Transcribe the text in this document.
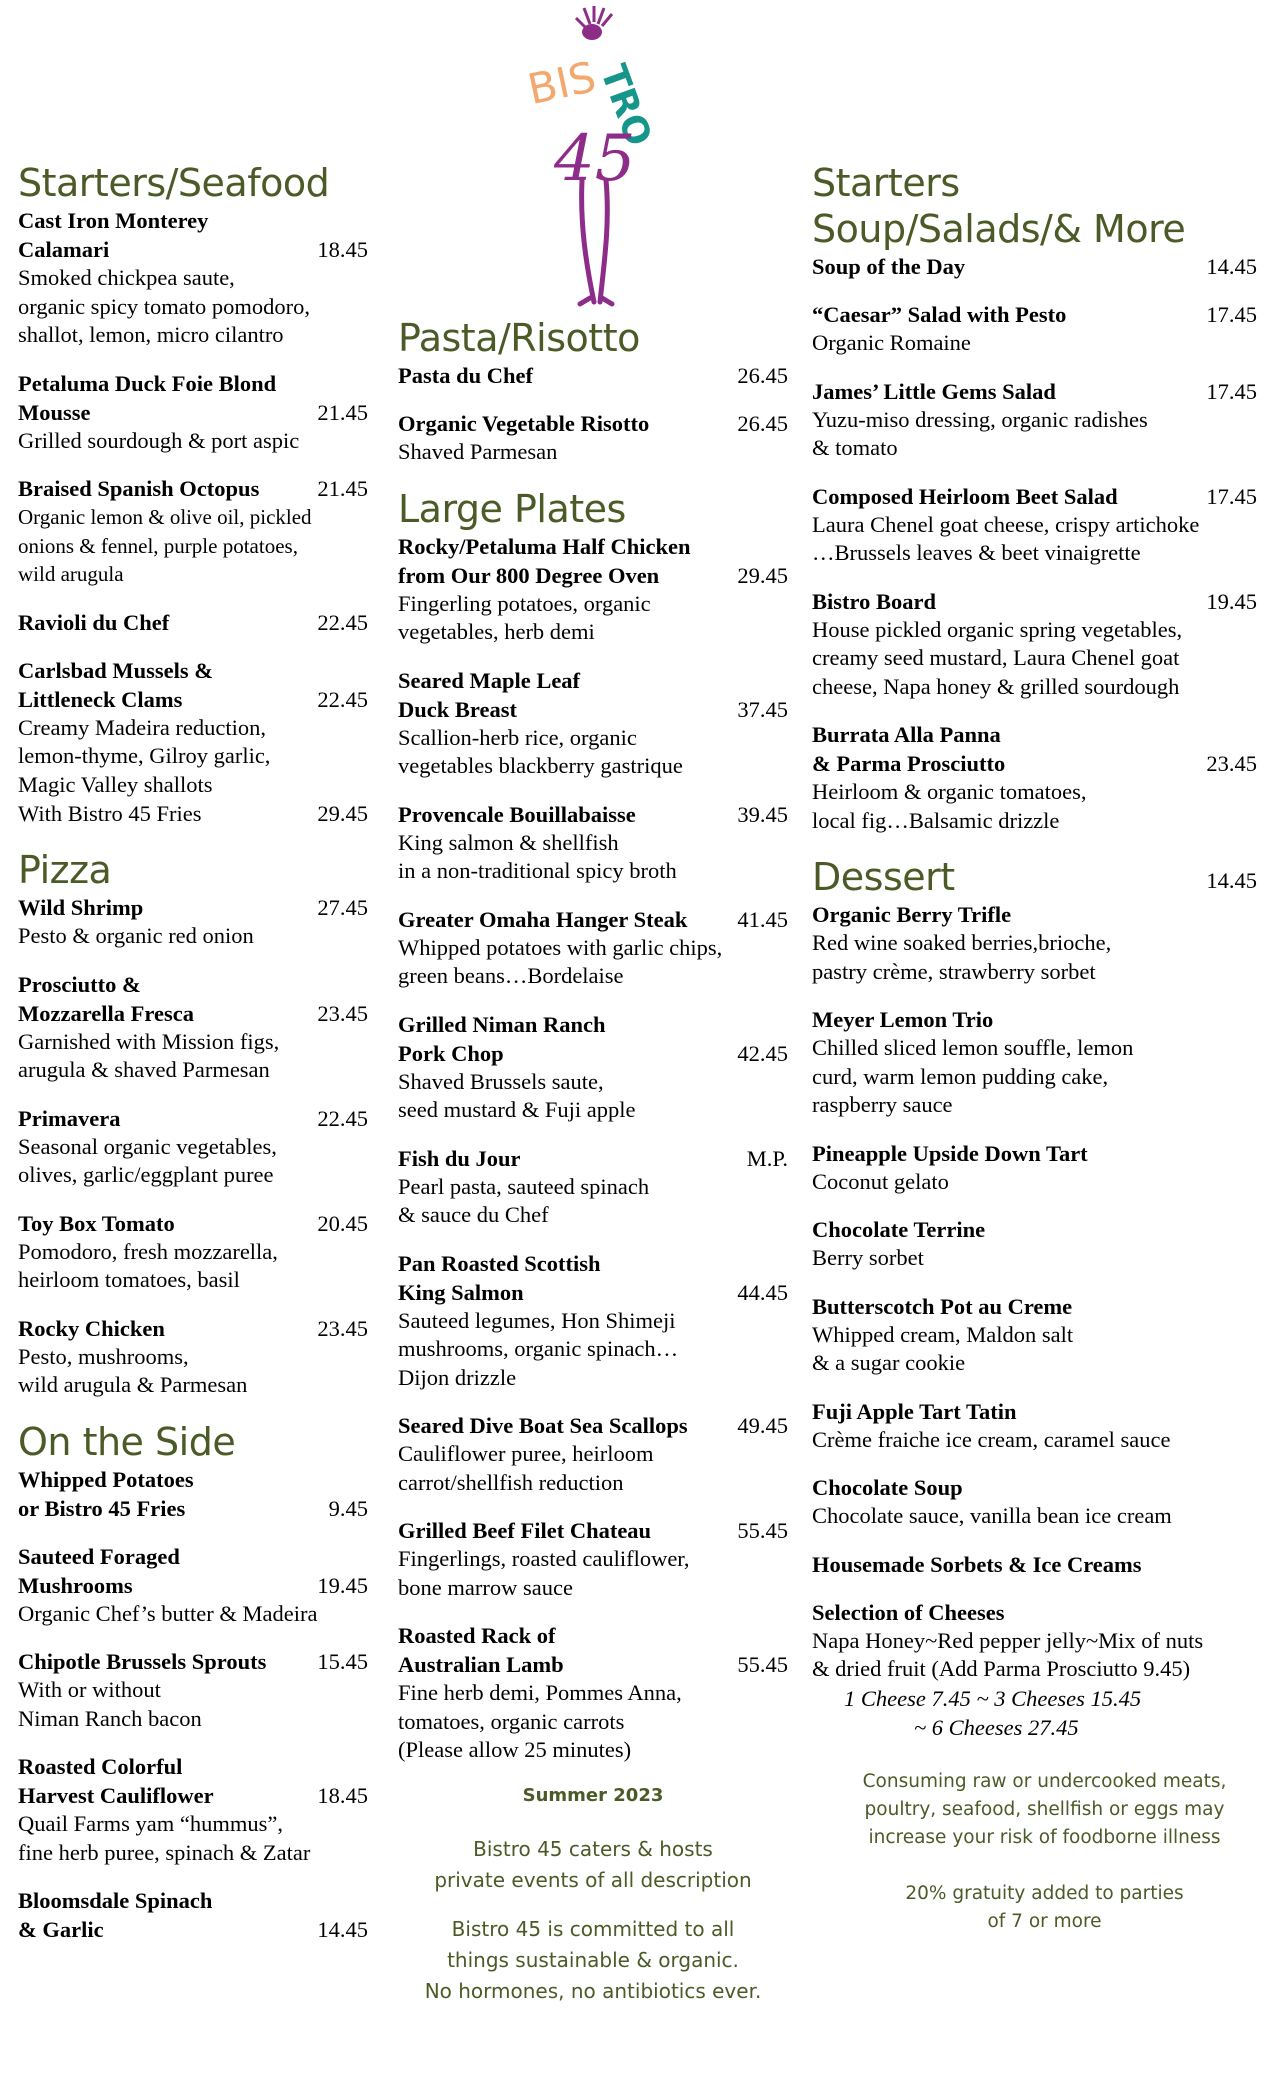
BIS
TRO
45
Starters/Seafood
Cast Iron Monterey
Calamari	18.45
Smoked chickpea saute,
organic spicy tomato pomodoro,
shallot, lemon, micro cilantro
Petaluma Duck Foie Blond
Mousse	21.45
Grilled sourdough & port aspic
Braised Spanish Octopus	21.45
Organic lemon & olive oil, pickled
onions & fennel, purple potatoes,
wild arugula
Ravioli du Chef	22.45
Carlsbad Mussels &
Littleneck Clams	22.45
Creamy Madeira reduction,
lemon-thyme, Gilroy garlic,
Magic Valley shallots
With Bistro 45 Fries	29.45
Pizza
Wild Shrimp	27.45
Pesto & organic red onion
Prosciutto &
Mozzarella Fresca	23.45
Garnished with Mission figs,
arugula & shaved Parmesan
Primavera	22.45
Seasonal organic vegetables,
olives, garlic/eggplant puree
Toy Box Tomato	20.45
Pomodoro, fresh mozzarella,
heirloom tomatoes, basil
Rocky Chicken	23.45
Pesto, mushrooms,
wild arugula & Parmesan
On the Side
Whipped Potatoes
or Bistro 45 Fries	9.45
Sauteed Foraged
Mushrooms	19.45
Organic Chef’s butter & Madeira
Chipotle Brussels Sprouts	15.45
With or without
Niman Ranch bacon
Roasted Colorful
Harvest Cauliflower	18.45
Quail Farms yam “hummus”,
fine herb puree, spinach & Zatar
Bloomsdale Spinach
& Garlic	14.45
Pasta/Risotto
Pasta du Chef	26.45
Organic Vegetable Risotto	26.45
Shaved Parmesan
Large Plates
Rocky/Petaluma Half Chicken
from Our 800 Degree Oven	29.45
Fingerling potatoes, organic
vegetables, herb demi
Seared Maple Leaf
Duck Breast	37.45
Scallion-herb rice, organic
vegetables blackberry gastrique
Provencale Bouillabaisse	39.45
King salmon & shellfish
in a non-traditional spicy broth
Greater Omaha Hanger Steak	41.45
Whipped potatoes with garlic chips,
green beans…Bordelaise
Grilled Niman Ranch
Pork Chop	42.45
Shaved Brussels saute,
seed mustard & Fuji apple
Fish du Jour	M.P.
Pearl pasta, sauteed spinach
& sauce du Chef
Pan Roasted Scottish
King Salmon	44.45
Sauteed legumes, Hon Shimeji
mushrooms, organic spinach…
Dijon drizzle
Seared Dive Boat Sea Scallops	49.45
Cauliflower puree, heirloom
carrot/shellfish reduction
Grilled Beef Filet Chateau	55.45
Fingerlings, roasted cauliflower,
bone marrow sauce
Roasted Rack of
Australian Lamb	55.45
Fine herb demi, Pommes Anna,
tomatoes, organic carrots
(Please allow 25 minutes)
Summer 2023
Bistro 45 caters & hosts
private events of all description
Bistro 45 is committed to all
things sustainable & organic.
No hormones, no antibiotics ever.
Starters
Soup/Salads/& More
Soup of the Day	14.45
“Caesar” Salad with Pesto	17.45
Organic Romaine
James’ Little Gems Salad	17.45
Yuzu-miso dressing, organic radishes
& tomato
Composed Heirloom Beet Salad	17.45
Laura Chenel goat cheese, crispy artichoke
…Brussels leaves & beet vinaigrette
Bistro Board	19.45
House pickled organic spring vegetables,
creamy seed mustard, Laura Chenel goat
cheese, Napa honey & grilled sourdough
Burrata Alla Panna
& Parma Prosciutto	23.45
Heirloom & organic tomatoes,
local fig…Balsamic drizzle
Dessert	14.45
Organic Berry Trifle
Red wine soaked berries,brioche,
pastry crème, strawberry sorbet
Meyer Lemon Trio
Chilled sliced lemon souffle, lemon
curd, warm lemon pudding cake,
raspberry sauce
Pineapple Upside Down Tart
Coconut gelato
Chocolate Terrine
Berry sorbet
Butterscotch Pot au Creme
Whipped cream, Maldon salt
& a sugar cookie
Fuji Apple Tart Tatin
Crème fraiche ice cream, caramel sauce
Chocolate Soup
Chocolate sauce, vanilla bean ice cream
Housemade Sorbets & Ice Creams
Selection of Cheeses
Napa Honey~Red pepper jelly~Mix of nuts
& dried fruit (Add Parma Prosciutto 9.45)
1 Cheese 7.45 ~ 3 Cheeses 15.45
~ 6 Cheeses 27.45
Consuming raw or undercooked meats,
poultry, seafood, shellfish or eggs may
increase your risk of foodborne illness
20% gratuity added to parties
of 7 or more
